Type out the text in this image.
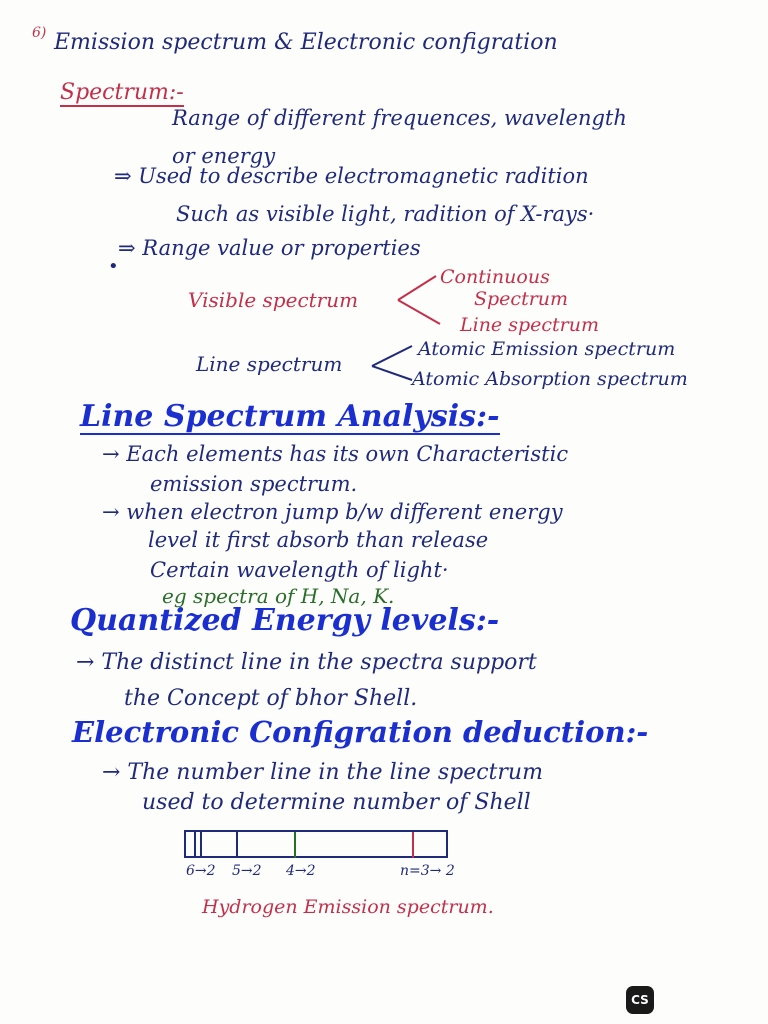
6) Emission spectrum & Electronic configration
Spectrum:-
Range of different frequences, wavelength
or energy
⇒ Used to describe electromagnetic radition
Such as visible light, radition of X-rays·
⇒ Range value or properties
•
Visible spectrum
Continuous
Spectrum
Line spectrum
Line spectrum
Atomic Emission spectrum
Atomic Absorption spectrum
Line Spectrum Analysis:-
→ Each elements has its own Characteristic
emission spectrum.
→ when electron jump b/w different energy
level it first absorb than release
Certain wavelength of light·
eg spectra of H, Na, K.
Quantized Energy levels:-
→ The distinct line in the spectra support
the Concept of bhor Shell.
Electronic Configration deduction:-
→ The number line in the line spectrum
used to determine number of Shell
6→2 5→2 4→2	n=3→ 2
Hydrogen Emission spectrum.
CS
